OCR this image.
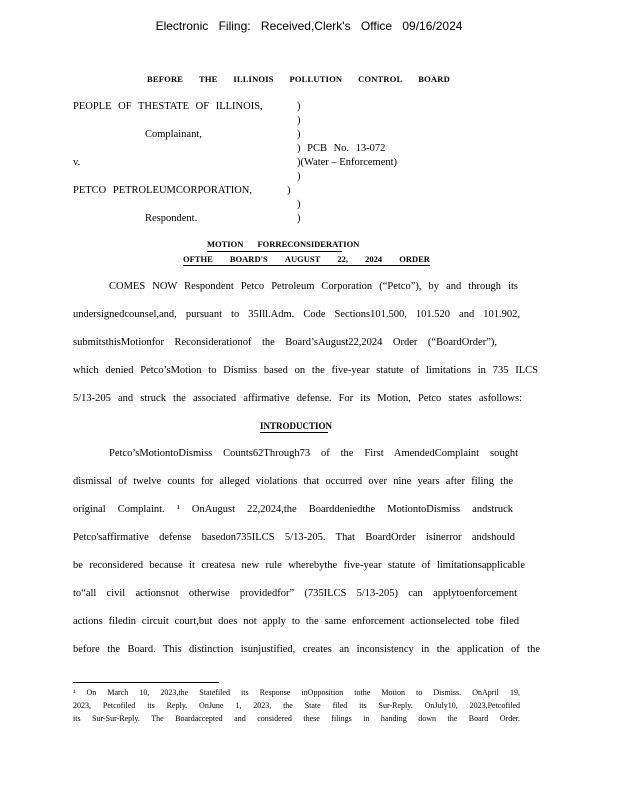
Electronic Filing: Received,Clerk's Office 09/16/2024
BEFORE THE ILLINOIS POLLUTION CONTROL BOARD
PEOPLE OF THESTATE OF ILLINOIS,	)
)
Complainant,	)
) PCB No. 13-072
v.	)(Water – Enforcement)
)
PETCO PETROLEUMCORPORATION,	)
)
Respondent.	)
MOTION FORRECONSIDERATION
OFTHE BOARD'S AUGUST 22, 2024 ORDER
COMES NOW Respondent Petco Petroleum Corporation (“Petco”), by and through its
undersignedcounsel,and, pursuant to 35Ill.Adm. Code Sections101.500, 101.520 and 101.902,
submitsthisMotionfor Reconsiderationof the Board’sAugust22,2024 Order (“BoardOrder”),
which denied Petco’sMotion to Dismiss based on the five-year statute of limitations in 735 ILCS
5/13-205 and struck the associated affirmative defense. For its Motion, Petco states asfollows:
INTRODUCTION
Petco’sMotiontoDismiss Counts62Through73 of the First AmendedComplaint sought
dismissal of twelve counts for alleged violations that occurred over nine years after filing the
original Complaint. ¹ OnAugust 22,2024,the Boarddeniedthe MotiontoDismiss andstruck
Petco'saffirmative defense basedon735ILCS 5/13-205. That BoardOrder isinerror andshould
be reconsidered because it createsa new rule wherebythe five-year statute of limitationsapplicable
to“all civil actionsnot otherwise providedfor” (735ILCS 5/13-205) can applytoenforcement
actions filedin circuit court,but does not apply to the same enforcement actionselected tobe filed
before the Board. This distinction isunjustified, creates an inconsistency in the application of the
¹ On March 10, 2023,the Statefiled its Response inOpposition tothe Motion to Dismiss. OnApril 19,
2023, Petcofiled its Reply. OnJune 1, 2023, the State filed its Sur-Reply. OnJuly10, 2023,Petcofiled
its Sur-Sur-Reply. The Boardaccepted and considered these filings in handing down the Board Order.
